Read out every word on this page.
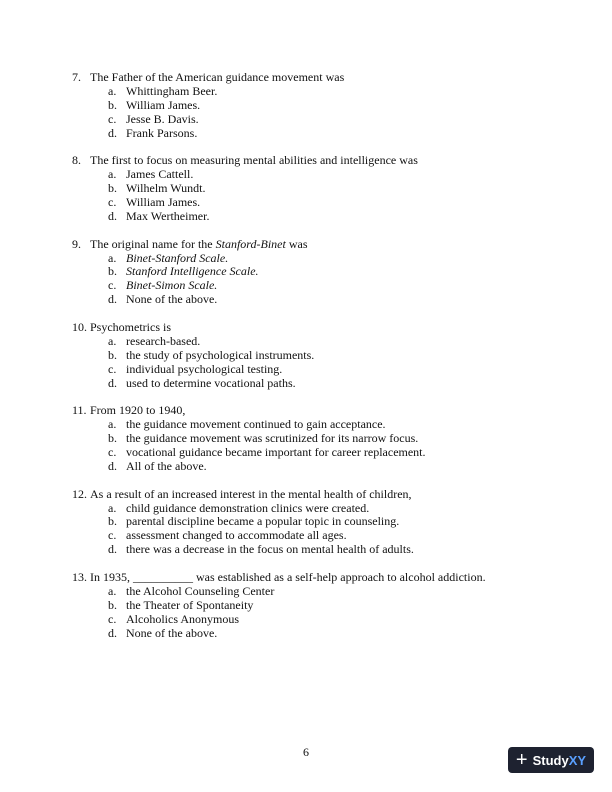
7. The Father of the American guidance movement was
a. Whittingham Beer.
b. William James.
c. Jesse B. Davis.
d. Frank Parsons.
8. The first to focus on measuring mental abilities and intelligence was
a. James Cattell.
b. Wilhelm Wundt.
c. William James.
d. Max Wertheimer.
9. The original name for the Stanford-Binet was
a. Binet-Stanford Scale.
b. Stanford Intelligence Scale.
c. Binet-Simon Scale.
d. None of the above.
10. Psychometrics is
a. research-based.
b. the study of psychological instruments.
c. individual psychological testing.
d. used to determine vocational paths.
11. From 1920 to 1940,
a. the guidance movement continued to gain acceptance.
b. the guidance movement was scrutinized for its narrow focus.
c. vocational guidance became important for career replacement.
d. All of the above.
12. As a result of an increased interest in the mental health of children,
a. child guidance demonstration clinics were created.
b. parental discipline became a popular topic in counseling.
c. assessment changed to accommodate all ages.
d. there was a decrease in the focus on mental health of adults.
13. In 1935, __________ was established as a self-help approach to alcohol addiction.
a. the Alcohol Counseling Center
b. the Theater of Spontaneity
c. Alcoholics Anonymous
d. None of the above.
6	+ StudyXY
